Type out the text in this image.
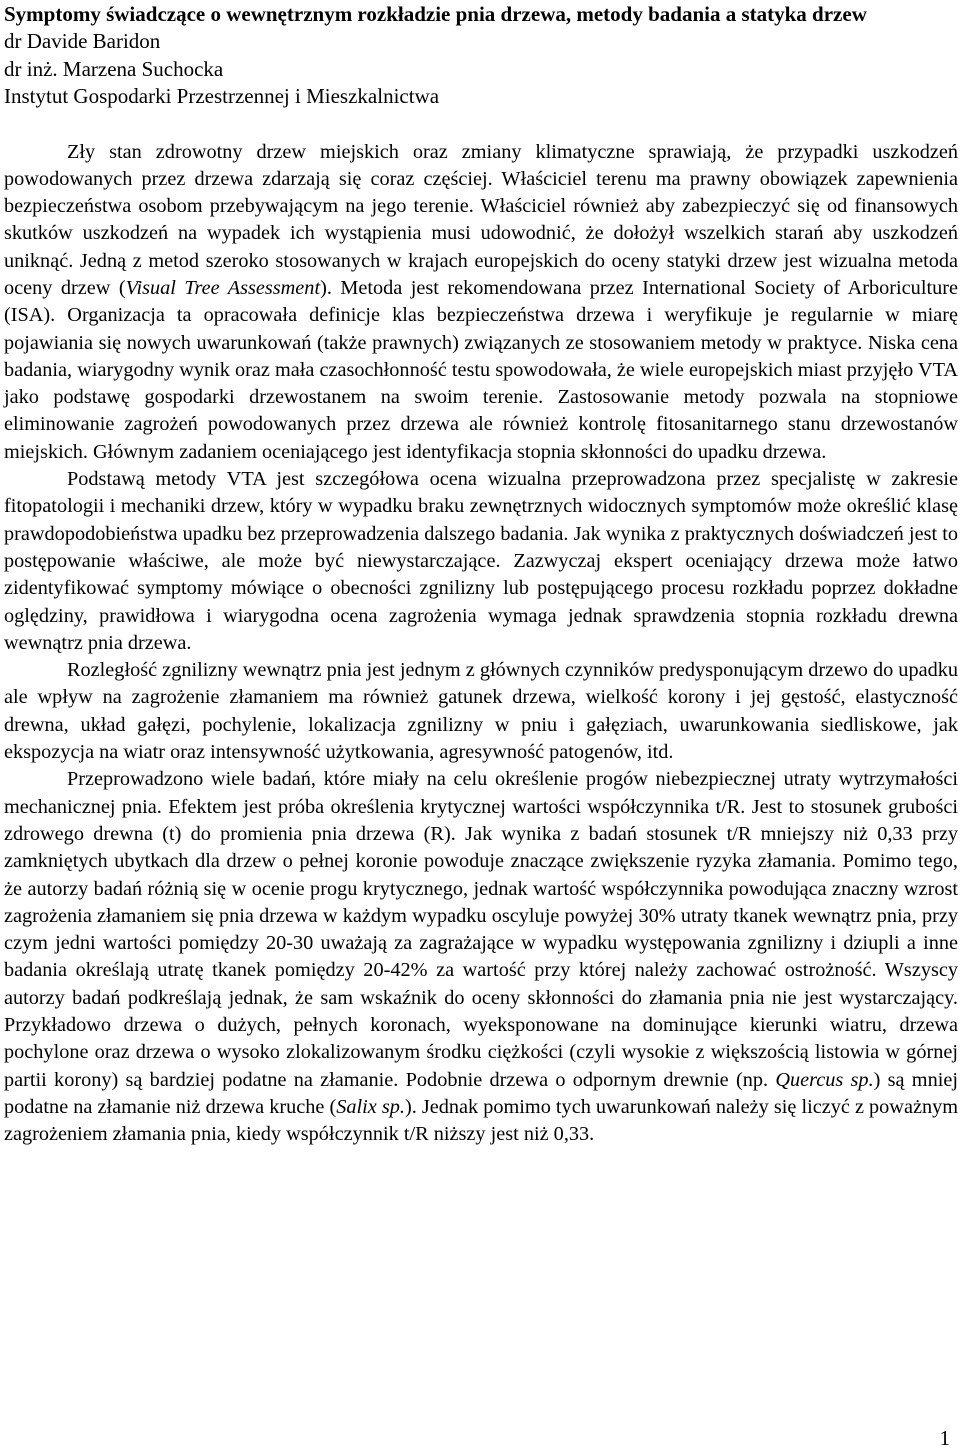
Symptomy świadczące o wewnętrznym rozkładzie pnia drzewa, metody badania a statyka drzew

dr Davide Baridon

dr inż. Marzena Suchocka

Instytut Gospodarki Przestrzennej i Mieszkalnictwa

Zły stan zdrowotny drzew miejskich oraz zmiany klimatyczne sprawiają, że przypadki uszkodzeń powodowanych przez drzewa zdarzają się coraz częściej. Właściciel terenu ma prawny obowiązek zapewnienia bezpieczeństwa osobom przebywającym na jego terenie. Właściciel również aby zabezpieczyć się od finansowych skutków uszkodzeń na wypadek ich wystąpienia musi udowodnić, że dołożył wszelkich starań aby uszkodzeń uniknąć. Jedną z metod szeroko stosowanych w krajach europejskich do oceny statyki drzew jest wizualna metoda oceny drzew (Visual Tree Assessment). Metoda jest rekomendowana przez International Society of Arboriculture (ISA). Organizacja ta opracowała definicje klas bezpieczeństwa drzewa i weryfikuje je regularnie w miarę pojawiania się nowych uwarunkowań (także prawnych) związanych ze stosowaniem metody w praktyce. Niska cena badania, wiarygodny wynik oraz mała czasochłonność testu spowodowała, że wiele europejskich miast przyjęło VTA jako podstawę gospodarki drzewostanem na swoim terenie. Zastosowanie metody pozwala na stopniowe eliminowanie zagrożeń powodowanych przez drzewa ale również kontrolę fitosanitarnego stanu drzewostanów miejskich. Głównym zadaniem oceniającego jest identyfikacja stopnia skłonności do upadku drzewa.

Podstawą metody VTA jest szczegółowa ocena wizualna przeprowadzona przez specjalistę w zakresie fitopatologii i mechaniki drzew, który w wypadku braku zewnętrznych widocznych symptomów może określić klasę prawdopodobieństwa upadku bez przeprowadzenia dalszego badania. Jak wynika z praktycznych doświadczeń jest to postępowanie właściwe, ale może być niewystarczające. Zazwyczaj ekspert oceniający drzewa może łatwo zidentyfikować symptomy mówiące o obecności zgnilizny lub postępującego procesu rozkładu poprzez dokładne oględziny, prawidłowa i wiarygodna ocena zagrożenia wymaga jednak sprawdzenia stopnia rozkładu drewna wewnątrz pnia drzewa.

Rozległość zgnilizny wewnątrz pnia jest jednym z głównych czynników predysponującym drzewo do upadku ale wpływ na zagrożenie złamaniem ma również gatunek drzewa, wielkość korony i jej gęstość, elastyczność drewna, układ gałęzi, pochylenie, lokalizacja zgnilizny w pniu i gałęziach, uwarunkowania siedliskowe, jak ekspozycja na wiatr oraz intensywność użytkowania, agresywność patogenów, itd.

Przeprowadzono wiele badań, które miały na celu określenie progów niebezpiecznej utraty wytrzymałości mechanicznej pnia. Efektem jest próba określenia krytycznej wartości współczynnika t/R. Jest to stosunek grubości zdrowego drewna (t) do promienia pnia drzewa (R). Jak wynika z badań stosunek t/R mniejszy niż 0,33 przy zamkniętych ubytkach dla drzew o pełnej koronie powoduje znaczące zwiększenie ryzyka złamania. Pomimo tego, że autorzy badań różnią się w ocenie progu krytycznego, jednak wartość współczynnika powodująca znaczny wzrost zagrożenia złamaniem się pnia drzewa w każdym wypadku oscyluje powyżej 30% utraty tkanek wewnątrz pnia, przy czym jedni wartości pomiędzy 20-30 uważają za zagrażające w wypadku występowania zgnilizny i dziupli a inne badania określają utratę tkanek pomiędzy 20-42% za wartość przy której należy zachować ostrożność. Wszyscy autorzy badań podkreślają jednak, że sam wskaźnik do oceny skłonności do złamania pnia nie jest wystarczający. Przykładowo drzewa o dużych, pełnych koronach, wyeksponowane na dominujące kierunki wiatru, drzewa pochylone oraz drzewa o wysoko zlokalizowanym środku ciężkości (czyli wysokie z większością listowia w górnej partii korony) są bardziej podatne na złamanie. Podobnie drzewa o odpornym drewnie (np. Quercus sp.) są mniej podatne na złamanie niż drzewa kruche (Salix sp.). Jednak pomimo tych uwarunkowań należy się liczyć z poważnym zagrożeniem złamania pnia, kiedy współczynnik t/R niższy jest niż 0,33.

1
